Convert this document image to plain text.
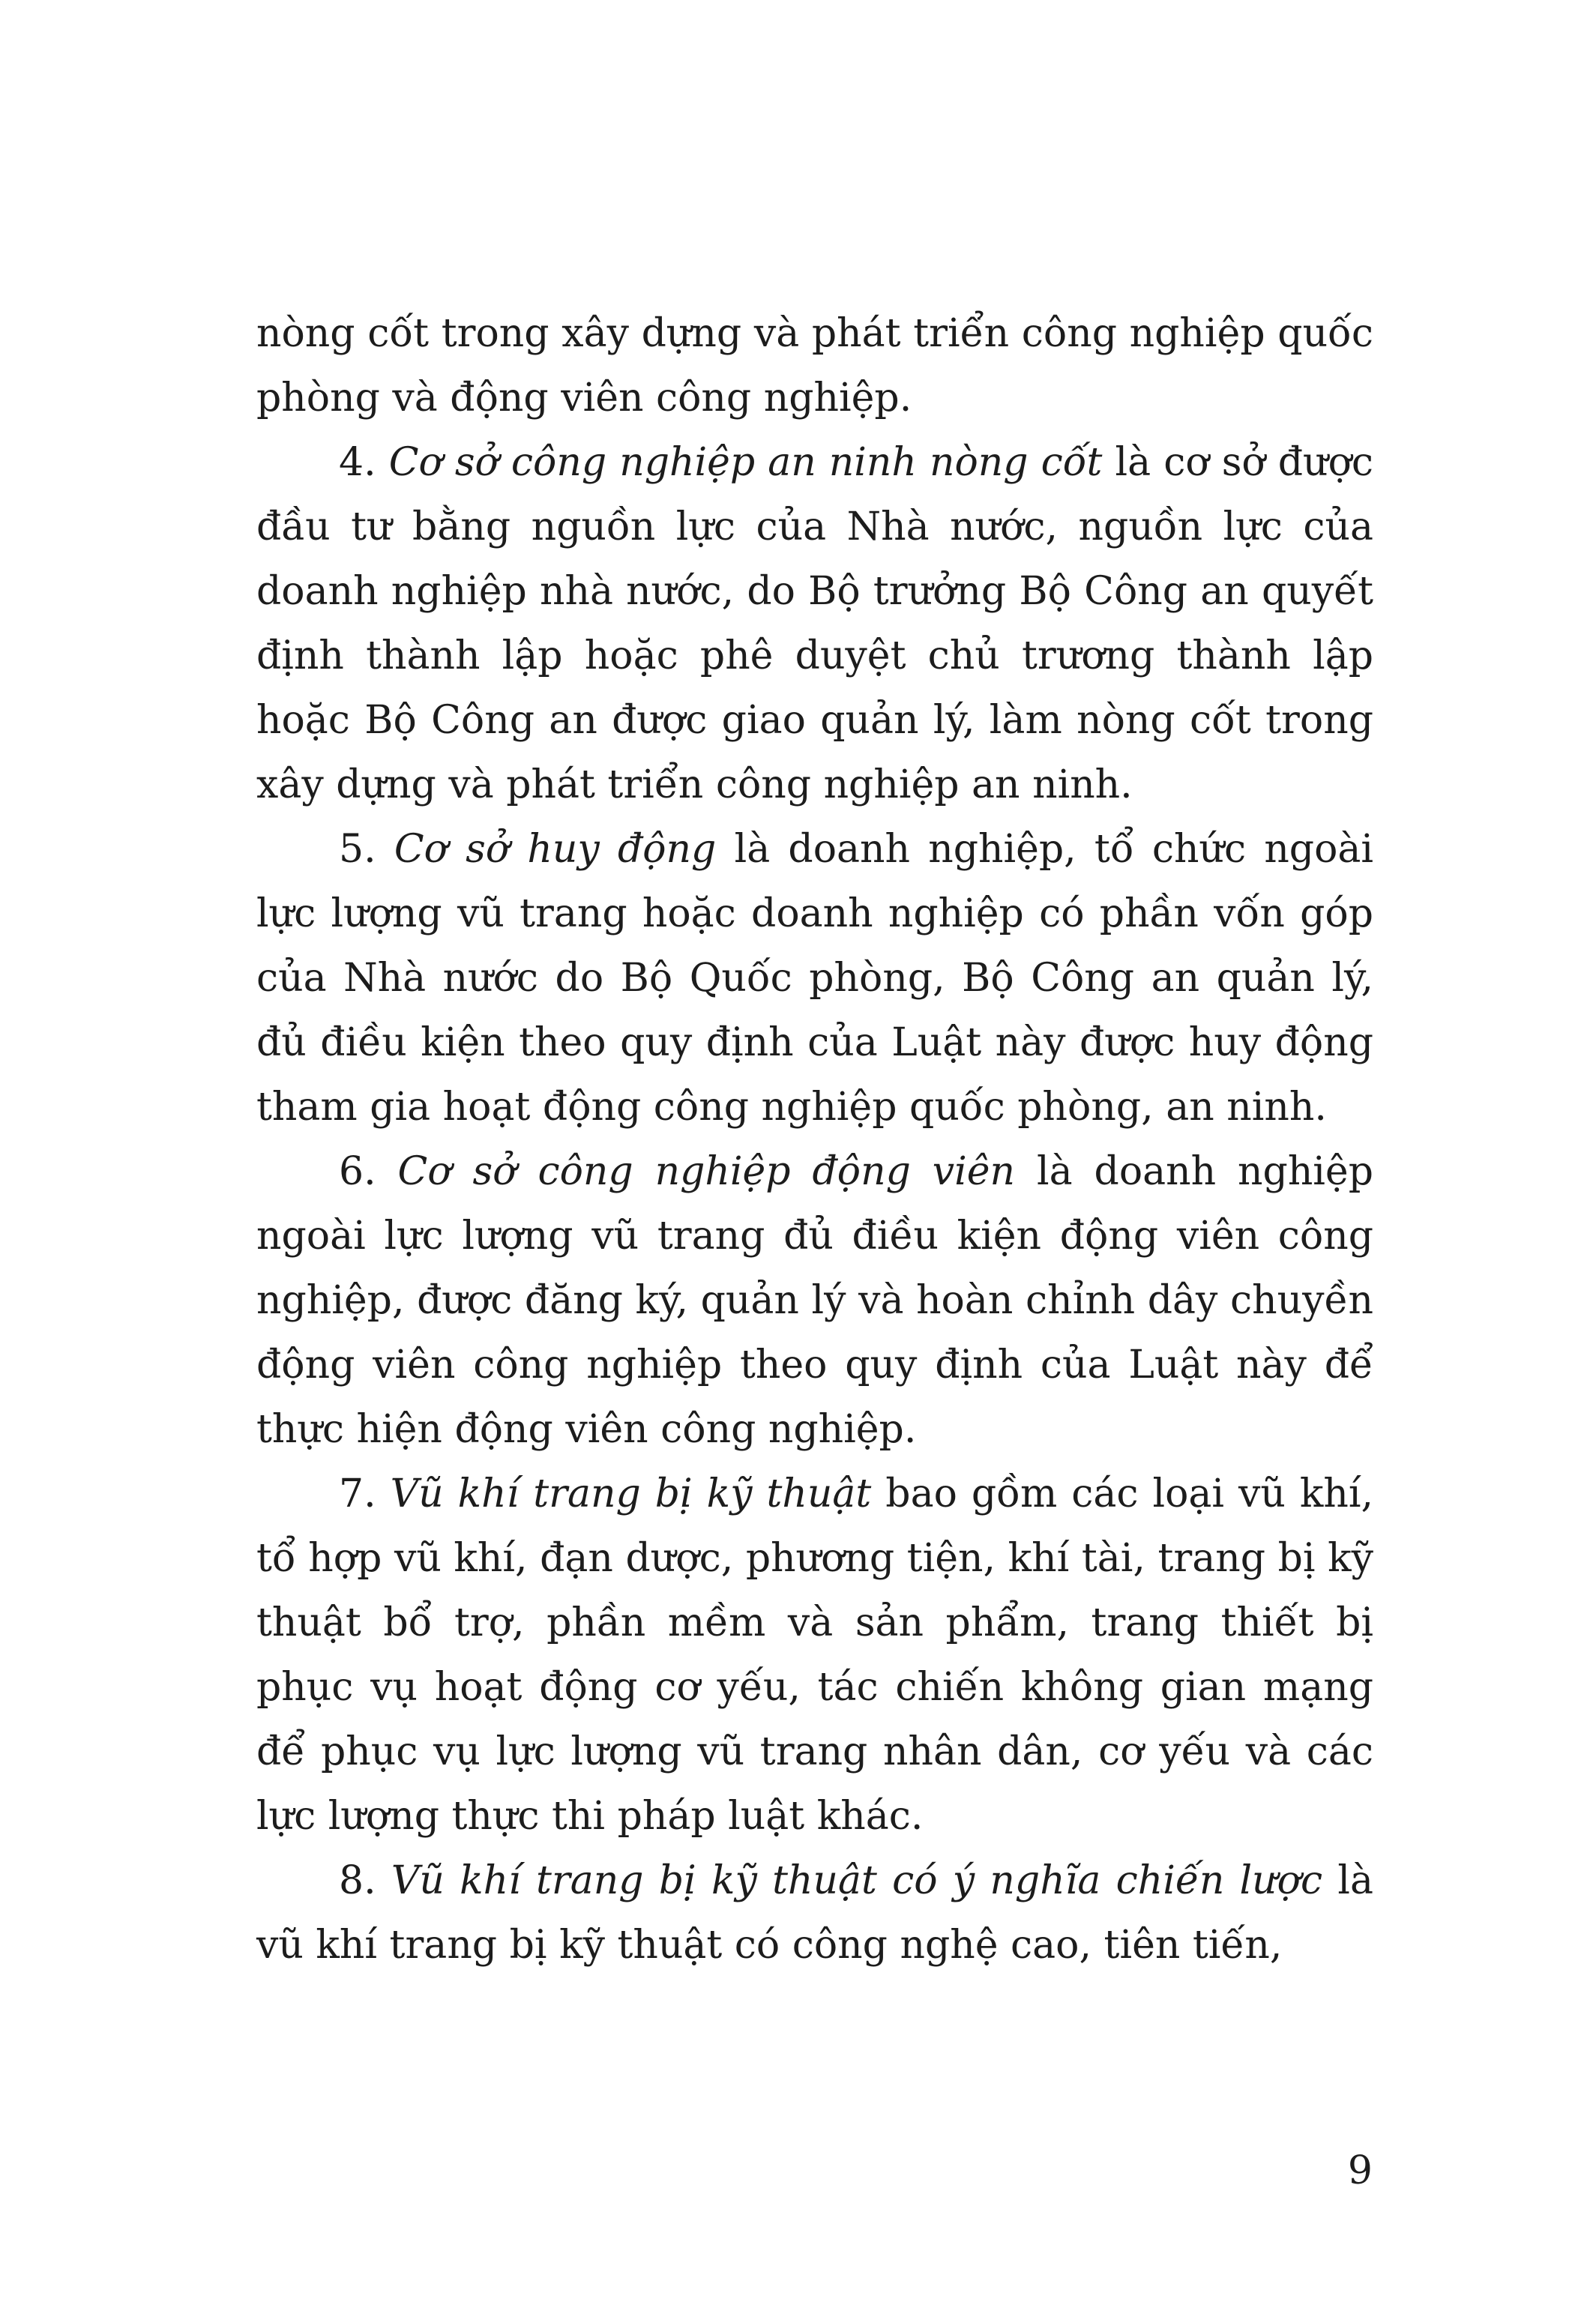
nòng cốt trong xây dựng và phát triển công nghiệp quốc phòng và động viên công nghiệp.

4. Cơ sở công nghiệp an ninh nòng cốt là cơ sở được đầu tư bằng nguồn lực của Nhà nước, nguồn lực của doanh nghiệp nhà nước, do Bộ trưởng Bộ Công an quyết định thành lập hoặc phê duyệt chủ trương thành lập hoặc Bộ Công an được giao quản lý, làm nòng cốt trong xây dựng và phát triển công nghiệp an ninh.

5. Cơ sở huy động là doanh nghiệp, tổ chức ngoài lực lượng vũ trang hoặc doanh nghiệp có phần vốn góp của Nhà nước do Bộ Quốc phòng, Bộ Công an quản lý, đủ điều kiện theo quy định của Luật này được huy động tham gia hoạt động công nghiệp quốc phòng, an ninh.

6. Cơ sở công nghiệp động viên là doanh nghiệp ngoài lực lượng vũ trang đủ điều kiện động viên công nghiệp, được đăng ký, quản lý và hoàn chỉnh dây chuyền động viên công nghiệp theo quy định của Luật này để thực hiện động viên công nghiệp.

7. Vũ khí trang bị kỹ thuật bao gồm các loại vũ khí, tổ hợp vũ khí, đạn dược, phương tiện, khí tài, trang bị kỹ thuật bổ trợ, phần mềm và sản phẩm, trang thiết bị phục vụ hoạt động cơ yếu, tác chiến không gian mạng để phục vụ lực lượng vũ trang nhân dân, cơ yếu và các lực lượng thực thi pháp luật khác.

8. Vũ khí trang bị kỹ thuật có ý nghĩa chiến lược là vũ khí trang bị kỹ thuật có công nghệ cao, tiên tiến,

9
